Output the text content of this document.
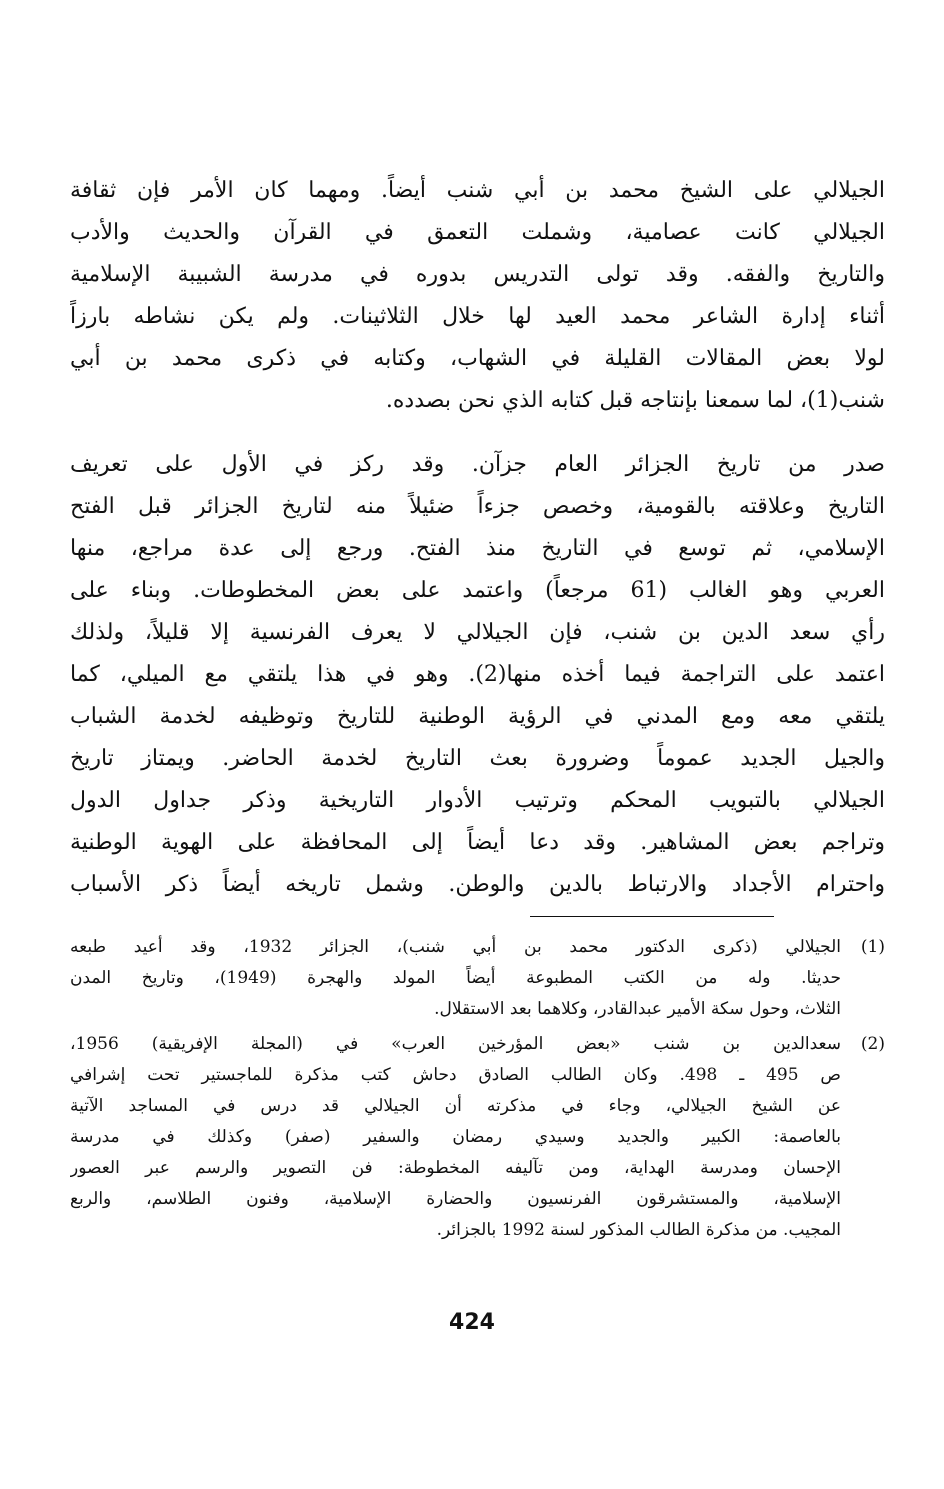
الجيلالي على الشيخ محمد بن أبي شنب أيضاً. ومهما كان الأمر فإن ثقافة
الجيلالي كانت عصامية، وشملت التعمق في القرآن والحديث والأدب
والتاريخ والفقه. وقد تولى التدريس بدوره في مدرسة الشبيبة الإسلامية
أثناء إدارة الشاعر محمد العيد لها خلال الثلاثينات. ولم يكن نشاطه بارزاً
لولا بعض المقالات القليلة في الشهاب، وكتابه في ذكرى محمد بن أبي
شنب(1)، لما سمعنا بإنتاجه قبل كتابه الذي نحن بصدده.
صدر من تاريخ الجزائر العام جزآن. وقد ركز في الأول على تعريف
التاريخ وعلاقته بالقومية، وخصص جزءاً ضئيلاً منه لتاريخ الجزائر قبل الفتح
الإسلامي، ثم توسع في التاريخ منذ الفتح. ورجع إلى عدة مراجع، منها
العربي وهو الغالب (61 مرجعاً) واعتمد على بعض المخطوطات. وبناء على
رأي سعد الدين بن شنب، فإن الجيلالي لا يعرف الفرنسية إلا قليلاً، ولذلك
اعتمد على التراجمة فيما أخذه منها(2). وهو في هذا يلتقي مع الميلي، كما
يلتقي معه ومع المدني في الرؤية الوطنية للتاريخ وتوظيفه لخدمة الشباب
والجيل الجديد عموماً وضرورة بعث التاريخ لخدمة الحاضر. ويمتاز تاريخ
الجيلالي بالتبويب المحكم وترتيب الأدوار التاريخية وذكر جداول الدول
وتراجم بعض المشاهير. وقد دعا أيضاً إلى المحافظة على الهوية الوطنية
واحترام الأجداد والارتباط بالدين والوطن. وشمل تاريخه أيضاً ذكر الأسباب
(1)
الجيلالي (ذكرى الدكتور محمد بن أبي شنب)، الجزائر 1932، وقد أعيد طبعه
حديثا. وله من الكتب المطبوعة أيضاً المولد والهجرة (1949)، وتاريخ المدن
الثلاث، وحول سكة الأمير عبدالقادر، وكلاهما بعد الاستقلال.
(2)
سعدالدين بن شنب «بعض المؤرخين العرب» في (المجلة الإفريقية) 1956،
ص 495 ـ 498. وكان الطالب الصادق دحاش كتب مذكرة للماجستير تحت إشرافي
عن الشيخ الجيلالي، وجاء في مذكرته أن الجيلالي قد درس في المساجد الآتية
بالعاصمة: الكبير والجديد وسيدي رمضان والسفير (صفر) وكذلك في مدرسة
الإحسان ومدرسة الهداية، ومن تآليفه المخطوطة: فن التصوير والرسم عبر العصور
الإسلامية، والمستشرقون الفرنسيون والحضارة الإسلامية، وفنون الطلاسم، والربع
المجيب. من مذكرة الطالب المذكور لسنة 1992 بالجزائر.
424
